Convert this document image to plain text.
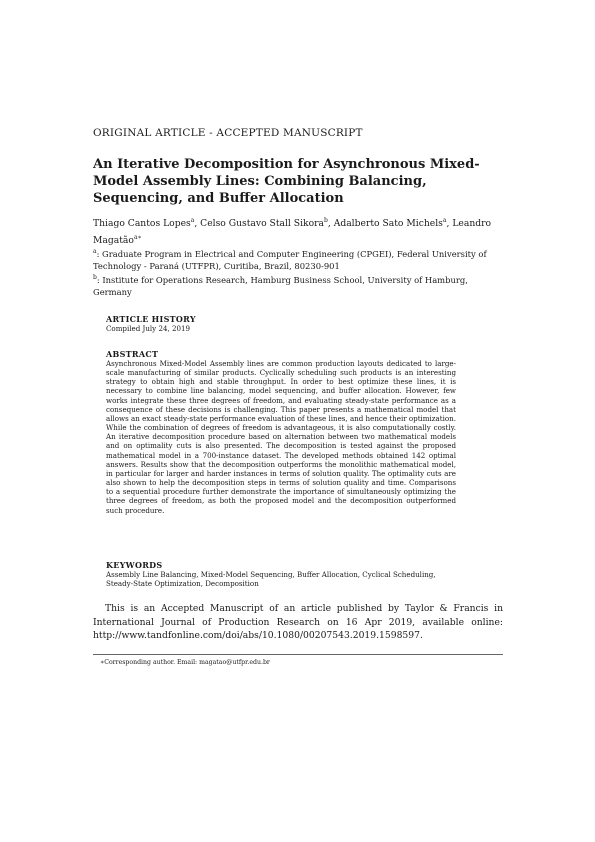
ORIGINAL ARTICLE - ACCEPTED MANUSCRIPT
An Iterative Decomposition for Asynchronous Mixed-Model Assembly Lines: Combining Balancing, Sequencing, and Buffer Allocation
Thiago Cantos Lopes$^a$, Celso Gustavo Stall Sikora$^b$, Adalberto Sato Michels$^a$, Leandro Magatão$^{a∗}$

$^a$: Graduate Program in Electrical and Computer Engineering (CPGEI), Federal University of Technology - Paraná (UTFPR), Curitiba, Brazil, 80230-901

$^b$: Institute for Operations Research, Hamburg Business School, University of Hamburg, Germany

ARTICLE HISTORY
Compiled July 24, 2019
ABSTRACT
Asynchronous Mixed-Model Assembly lines are common production layouts dedicated to large-scale manufacturing of similar products. Cyclically scheduling such products is an interesting strategy to obtain high and stable throughput. In order to best optimize these lines, it is necessary to combine line balancing, model sequencing, and buffer allocation. However, few works integrate these three degrees of freedom, and evaluating steady-state performance as a consequence of these decisions is challenging. This paper presents a mathematical model that allows an exact steady-state performance evaluation of these lines, and hence their optimization. While the combination of degrees of freedom is advantageous, it is also computationally costly. An iterative decomposition procedure based on alternation between two mathematical models and on optimality cuts is also presented. The decomposition is tested against the proposed mathematical model in a 700-instance dataset. The developed methods obtained 142 optimal answers. Results show that the decomposition outperforms the monolithic mathematical model, in particular for larger and harder instances in terms of solution quality. The optimality cuts are also shown to help the decomposition steps in terms of solution quality and time. Comparisons to a sequential procedure further demonstrate the importance of simultaneously optimizing the three degrees of freedom, as both the proposed model and the decomposition outperformed such procedure.
KEYWORDS
Assembly Line Balancing, Mixed-Model Sequencing, Buffer Allocation, Cyclical Scheduling, Steady-State Optimization, Decomposition
This is an Accepted Manuscript of an article published by Taylor & Francis in International Journal of Production Research on 16 Apr 2019, available online: http://www.tandfonline.com/doi/abs/10.1080/00207543.2019.1598597.
∗Corresponding author. Email: magatao@utfpr.edu.br
